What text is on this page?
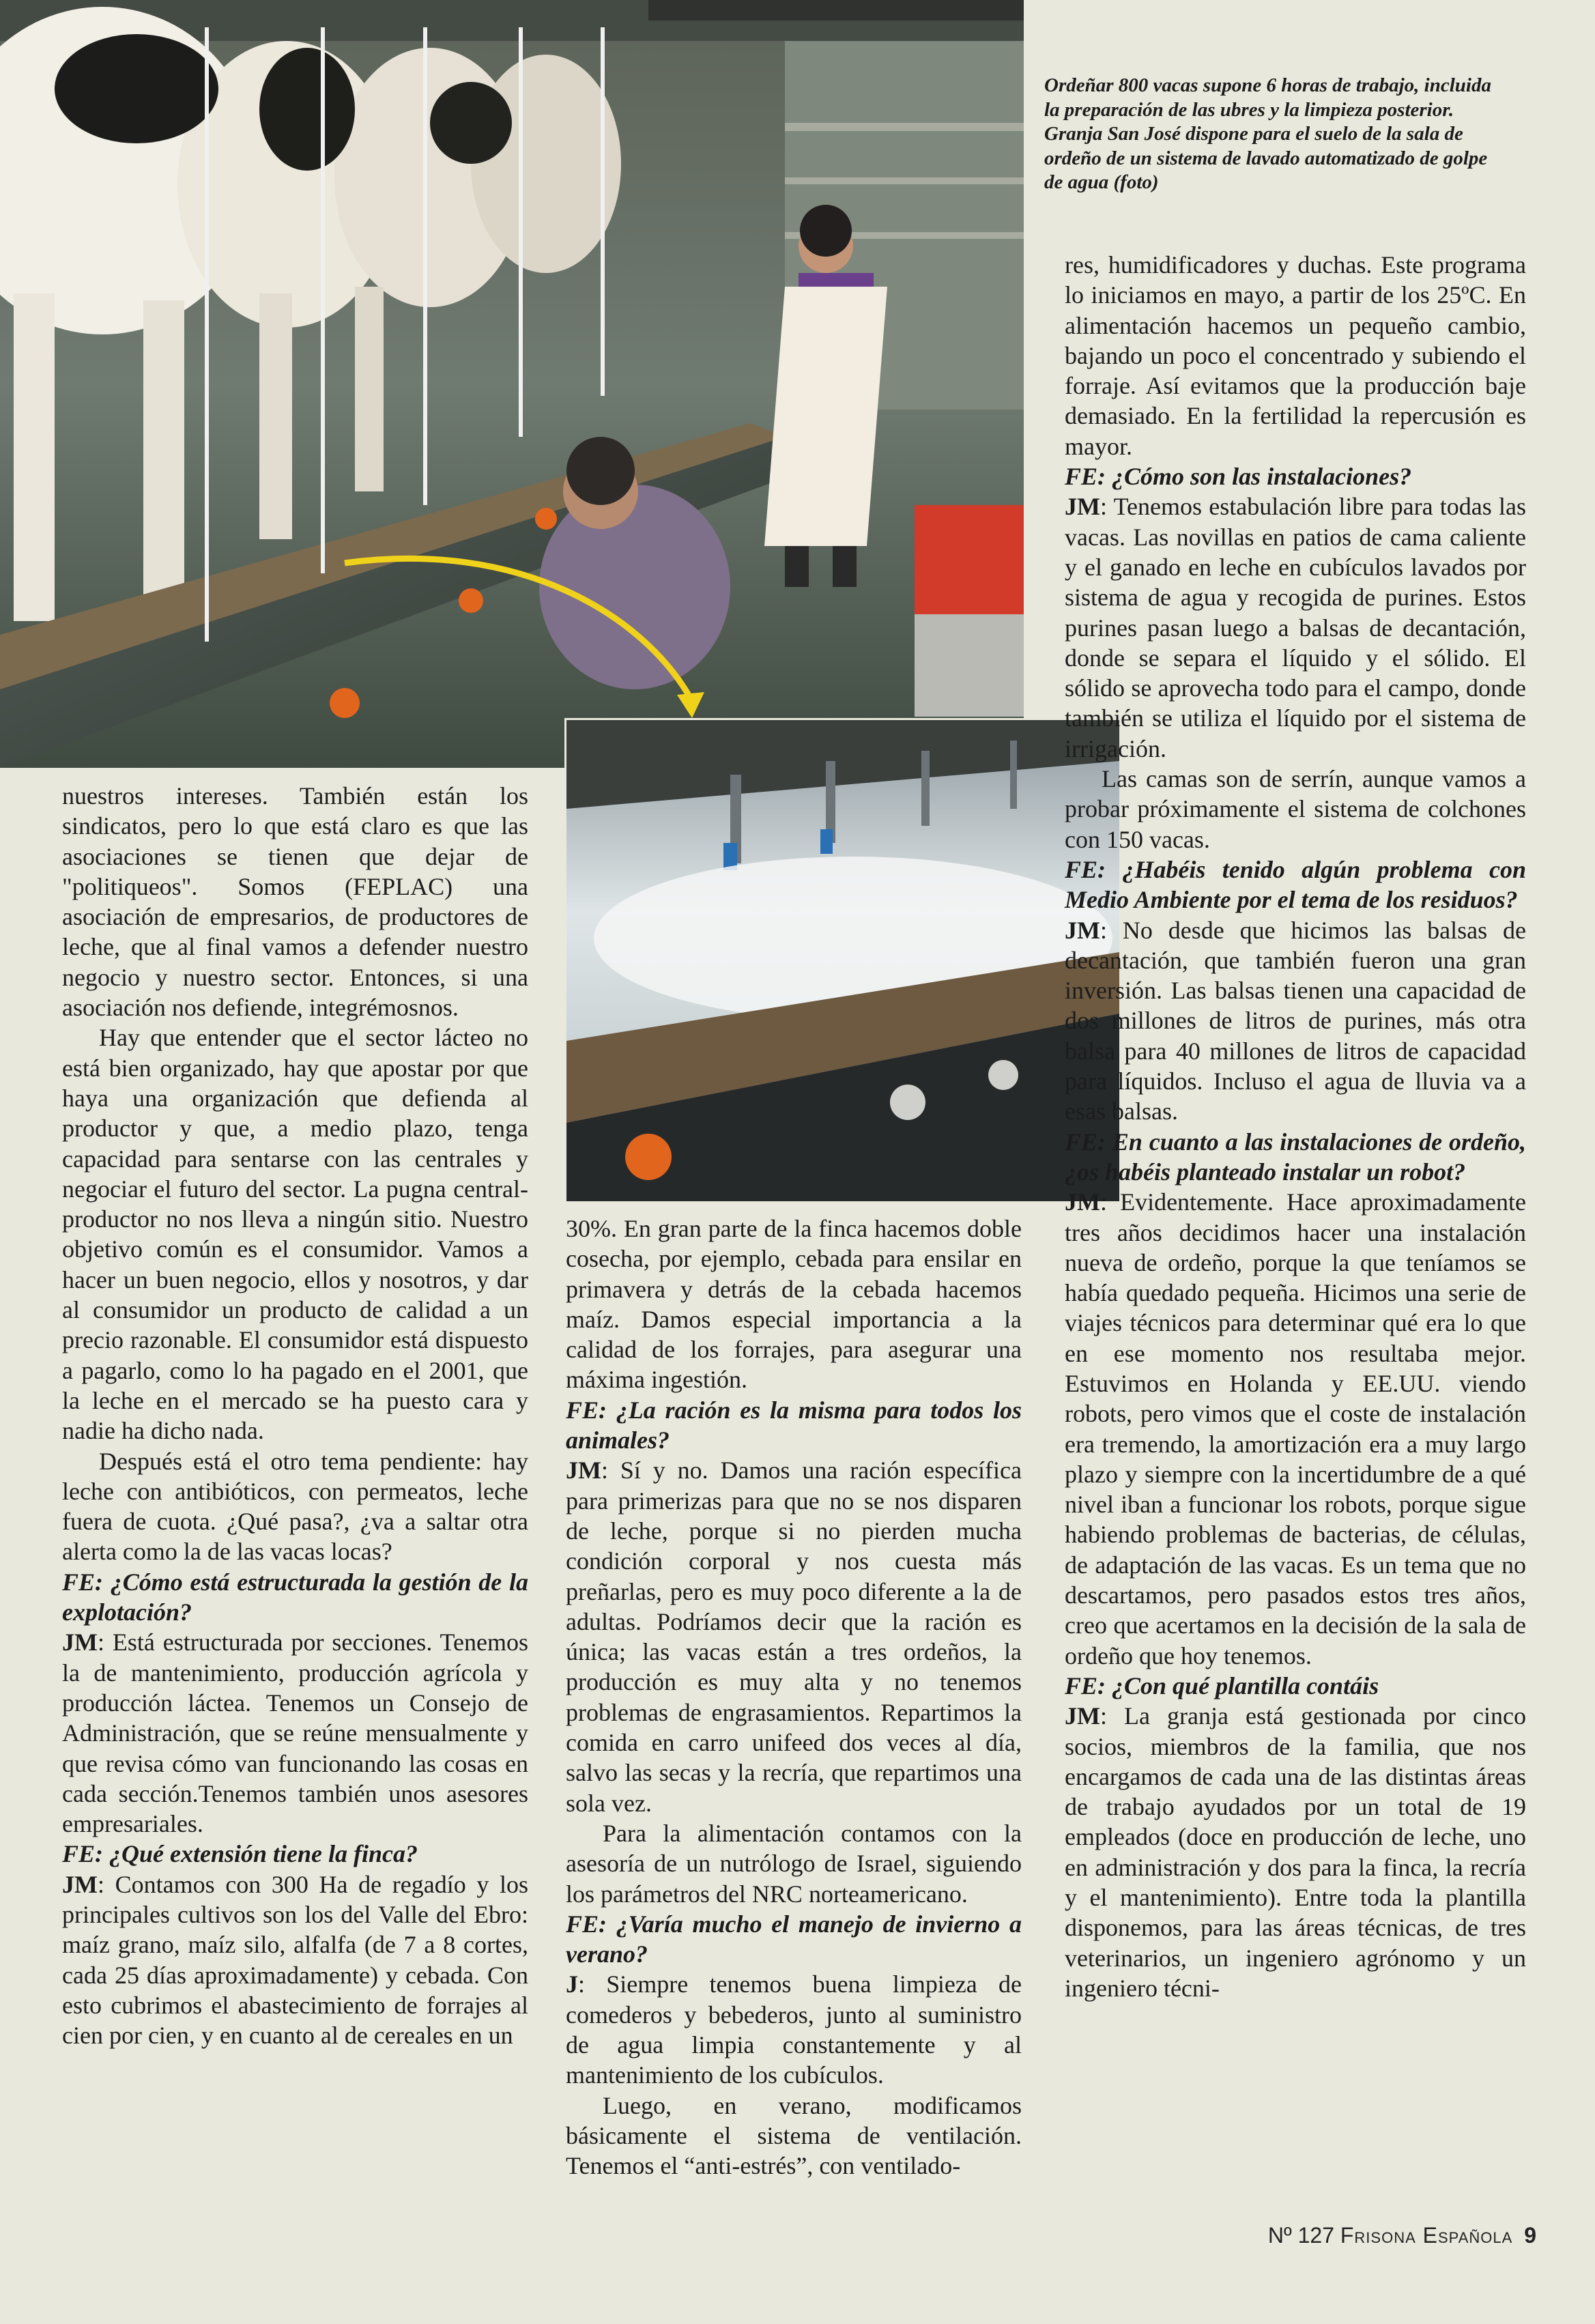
Ordeñar 800 vacas supone 6 horas de trabajo, incluida la preparación de las ubres y la limpieza posterior.

Granja San José dispone para el suelo de la sala de ordeño de un sistema de lavado automatizado de golpe de agua (foto)

nuestros intereses. También están los sindicatos, pero lo que está claro es que las asociaciones se tienen que dejar de "politiqueos". Somos (FEPLAC) una asociación de empresarios, de productores de leche, que al final vamos a defender nuestro negocio y nuestro sector. Entonces, si una asociación nos defiende, integrémosnos.

Hay que entender que el sector lácteo no está bien organizado, hay que apostar por que haya una organización que defienda al productor y que, a medio plazo, tenga capacidad para sentarse con las centrales y negociar el futuro del sector. La pugna central-productor no nos lleva a ningún sitio. Nuestro objetivo común es el consumidor. Vamos a hacer un buen negocio, ellos y nosotros, y dar al consumidor un producto de calidad a un precio razonable. El consumidor está dispuesto a pagarlo, como lo ha pagado en el 2001, que la leche en el mercado se ha puesto cara y nadie ha dicho nada.

Después está el otro tema pendiente: hay leche con antibióticos, con permeatos, leche fuera de cuota. ¿Qué pasa?, ¿va a saltar otra alerta como la de las vacas locas?

FE: ¿Cómo está estructurada la gestión de la explotación?

JM: Está estructurada por secciones. Tenemos la de mantenimiento, producción agrícola y producción láctea. Tenemos un Consejo de Administración, que se reúne mensualmente y que revisa cómo van funcionando las cosas en cada sección.Tenemos también unos asesores empresariales.

FE: ¿Qué extensión tiene la finca?

JM: Contamos con 300 Ha de regadío y los principales cultivos son los del Valle del Ebro: maíz grano, maíz silo, alfalfa (de 7 a 8 cortes, cada 25 días aproximadamente) y cebada. Con esto cubrimos el abastecimiento de forrajes al cien por cien, y en cuanto al de cereales en un

30%. En gran parte de la finca hacemos doble cosecha, por ejemplo, cebada para ensilar en primavera y detrás de la cebada hacemos maíz. Damos especial importancia a la calidad de los forrajes, para asegurar una máxima ingestión.

FE: ¿La ración es la misma para todos los animales?

JM: Sí y no. Damos una ración específica para primerizas para que no se nos disparen de leche, porque si no pierden mucha condición corporal y nos cuesta más preñarlas, pero es muy poco diferente a la de adultas. Podríamos decir que la ración es única; las vacas están a tres ordeños, la producción es muy alta y no tenemos problemas de engrasamientos. Repartimos la comida en carro unifeed dos veces al día, salvo las secas y la recría, que repartimos una sola vez.

Para la alimentación contamos con la asesoría de un nutrólogo de Israel, siguiendo los parámetros del NRC norteamericano.

FE: ¿Varía mucho el manejo de invierno a verano?

J: Siempre tenemos buena limpieza de comederos y bebederos, junto al suministro de agua limpia constantemente y al mantenimiento de los cubículos.

Luego, en verano, modificamos básicamente el sistema de ventilación. Tenemos el “anti-estrés”, con ventilado-

res, humidificadores y duchas. Este programa lo iniciamos en mayo, a partir de los 25ºC. En alimentación hacemos un pequeño cambio, bajando un poco el concentrado y subiendo el forraje. Así evitamos que la producción baje demasiado. En la fertilidad la repercusión es mayor.

FE: ¿Cómo son las instalaciones?

JM: Tenemos estabulación libre para todas las vacas. Las novillas en patios de cama caliente y el ganado en leche en cubículos lavados por sistema de agua y recogida de purines. Estos purines pasan luego a balsas de decantación, donde se separa el líquido y el sólido. El sólido se aprovecha todo para el campo, donde también se utiliza el líquido por el sistema de irrigación.

Las camas son de serrín, aunque vamos a probar próximamente el sistema de colchones con 150 vacas.

FE: ¿Habéis tenido algún problema con Medio Ambiente por el tema de los residuos?

JM: No desde que hicimos las balsas de decantación, que también fueron una gran inversión. Las balsas tienen una capacidad de dos millones de litros de purines, más otra balsa para 40 millones de litros de capacidad para líquidos. Incluso el agua de lluvia va a esas balsas.

FE: En cuanto a las instalaciones de ordeño, ¿os habéis planteado instalar un robot?

JM: Evidentemente. Hace aproximadamente tres años decidimos hacer una instalación nueva de ordeño, porque la que teníamos se había quedado pequeña. Hicimos una serie de viajes técnicos para determinar qué era lo que en ese momento nos resultaba mejor. Estuvimos en Holanda y EE.UU. viendo robots, pero vimos que el coste de instalación era tremendo, la amortización era a muy largo plazo y siempre con la incertidumbre de a qué nivel iban a funcionar los robots, porque sigue habiendo problemas de bacterias, de células, de adaptación de las vacas. Es un tema que no descartamos, pero pasados estos tres años, creo que acertamos en la decisión de la sala de ordeño que hoy tenemos.

FE: ¿Con qué plantilla contáis

JM: La granja está gestionada por cinco socios, miembros de la familia, que nos encargamos de cada una de las distintas áreas de trabajo ayudados por un total de 19 empleados (doce en producción de leche, uno en administración y dos para la finca, la recría y el mantenimiento). Entre toda la plantilla disponemos, para las áreas técnicas, de tres veterinarios, un ingeniero agrónomo y un ingeniero técni-

Nº 127 Frisona Española 9
